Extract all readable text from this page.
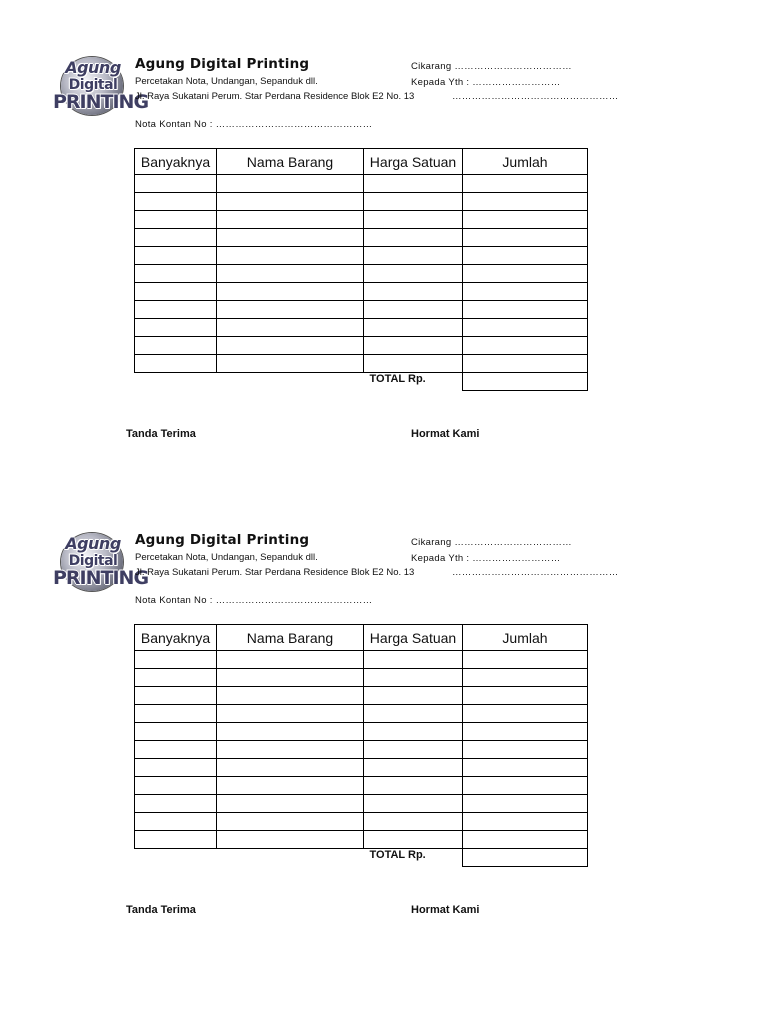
Agung
Digital
PRINTING
Agung Digital Printing
Percetakan Nota, Undangan, Sepanduk dll.
Jl. Raya Sukatani Perum. Star Perdana Residence Blok E2 No. 13
Cikarang ………………………………
Kepada Yth : ………………………
……………………………………………
Nota Kontan No : …………………………………………
Banyaknya	Nama Barang	Harga Satuan	Jumlah

		TOTAL Rp.	
Tanda Terima	Hormat Kami
Agung
Digital
PRINTING
Agung Digital Printing
Percetakan Nota, Undangan, Sepanduk dll.
Jl. Raya Sukatani Perum. Star Perdana Residence Blok E2 No. 13
Cikarang ………………………………
Kepada Yth : ………………………
……………………………………………
Nota Kontan No : …………………………………………
Banyaknya	Nama Barang	Harga Satuan	Jumlah

		TOTAL Rp.	
Tanda Terima	Hormat Kami
